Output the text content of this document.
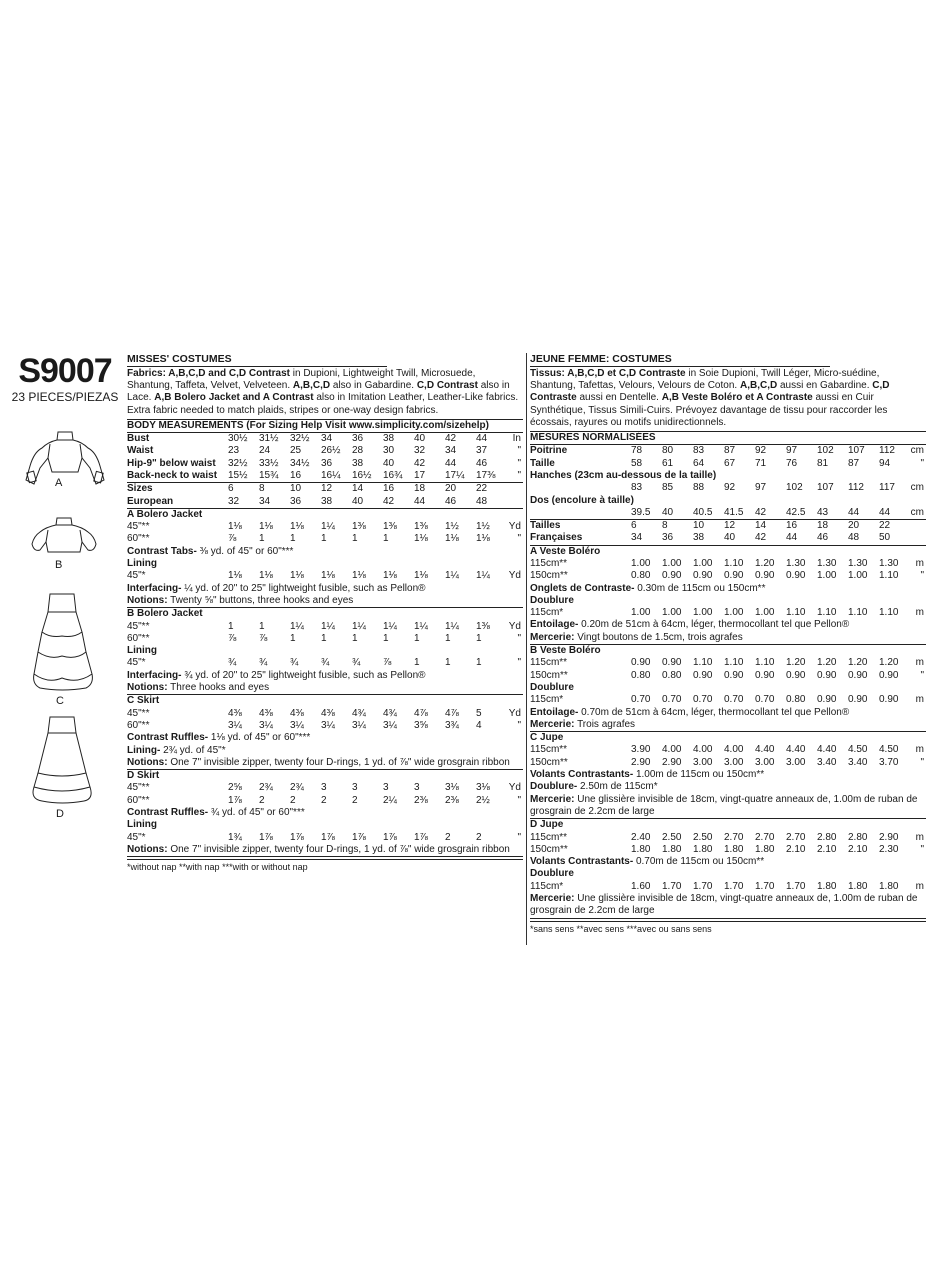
S9007
23 PIECES/PIEZAS
A
B
C
D
MISSES' COSTUMES
Fabrics: A,B,C,D and C,D Contrast in Dupioni, Lightweight Twill, Microsuede, Shantung, Taffeta, Velvet, Velveteen. A,B,C,D also in Gabardine. C,D Contrast also in Lace. A,B Bolero Jacket and A Contrast also in Imitation Leather, Leather-Like fabrics. Extra fabric needed to match plaids, stripes or one-way design fabrics.
BODY MEASUREMENTS (For Sizing Help Visit www.simplicity.com/sizehelp)										
Bust	30½	31½	32½	34	36	38	40	42	44	In
Waist	23	24	25	26½	28	30	32	34	37	"
Hip-9" below waist	32½	33½	34½	36	38	40	42	44	46	"
Back-neck to waist	15½	15¾	16	16¼	16½	16¾	17	17¼	17⅜	"
Sizes	6	8	10	12	14	16	18	20	22	
European	32	34	36	38	40	42	44	46	48	
A Bolero Jacket										
45"**	1⅛	1⅛	1⅛	1¼	1⅜	1⅜	1⅜	1½	1½	Yd
60"**	⅞	1	1	1	1	1	1⅛	1⅛	1⅛	"
Contrast Tabs- ⅜ yd. of 45" or 60"***										
Lining										
45"*	1⅛	1⅛	1⅛	1⅛	1⅛	1⅛	1⅛	1¼	1¼	Yd
Interfacing- ¼ yd. of 20" to 25" lightweight fusible, such as Pellon®										
Notions: Twenty ⅝" buttons, three hooks and eyes										
B Bolero Jacket										
45"**	1	1	1¼	1¼	1¼	1¼	1¼	1¼	1⅜	Yd
60"**	⅞	⅞	1	1	1	1	1	1	1	"
Lining										
45"*	¾	¾	¾	¾	¾	⅞	1	1	1	"
Interfacing- ¾ yd. of 20" to 25" lightweight fusible, such as Pellon®										
Notions: Three hooks and eyes										
C Skirt										
45"**	4⅜	4⅜	4⅜	4⅜	4¾	4¾	4⅞	4⅞	5	Yd
60"**	3¼	3¼	3¼	3¼	3¼	3¼	3⅝	3¾	4	"
Contrast Ruffles- 1⅛ yd. of 45" or 60"***										
Lining- 2¾ yd. of 45"*										
Notions: One 7" invisible zipper, twenty four D-rings, 1 yd. of ⅞" wide grosgrain ribbon										
D Skirt										
45"**	2⅝	2¾	2¾	3	3	3	3	3⅛	3⅛	Yd
60"**	1⅞	2	2	2	2	2¼	2⅜	2⅜	2½	"
Contrast Ruffles- ¾ yd. of 45" or 60"***										
Lining										
45"*	1¾	1⅞	1⅞	1⅞	1⅞	1⅞	1⅞	2	2	"
Notions: One 7" invisible zipper, twenty four D-rings, 1 yd. of ⅞" wide grosgrain ribbon										
*without nap **with nap ***with or without nap
JEUNE FEMME: COSTUMES
Tissus: A,B,C,D et C,D Contraste in Soie Dupioni, Twill Léger, Micro-suédine, Shantung, Tafettas, Velours, Velours de Coton. A,B,C,D aussi en Gabardine. C,D Contraste aussi en Dentelle. A,B Veste Boléro et A Contraste aussi en Cuir Synthétique, Tissus Simili-Cuirs. Prévoyez davantage de tissu pour raccorder les écossais, rayures ou motifs unidirectionnels.
MESURES NORMALISÉES										
Poitrine	78	80	83	87	92	97	102	107	112	cm
Taille	58	61	64	67	71	76	81	87	94	"
Hanches (23cm au-dessous de la taille)										
	83	85	88	92	97	102	107	112	117	cm
Dos (encolure à taille)										
	39.5	40	40.5	41.5	42	42.5	43	44	44	cm
Tailles	6	8	10	12	14	16	18	20	22	
Françaises	34	36	38	40	42	44	46	48	50	
A Veste Boléro										
115cm**	1.00	1.00	1.00	1.10	1.20	1.30	1.30	1.30	1.30	m
150cm**	0.80	0.90	0.90	0.90	0.90	0.90	1.00	1.00	1.10	"
Onglets de Contraste- 0.30m de 115cm ou 150cm**										
Doublure										
115cm*	1.00	1.00	1.00	1.00	1.00	1.10	1.10	1.10	1.10	m
Entoilage- 0.20m de 51cm à 64cm, léger, thermocollant tel que Pellon®										
Mercerie: Vingt boutons de 1.5cm, trois agrafes										
B Veste Boléro										
115cm**	0.90	0.90	1.10	1.10	1.10	1.20	1.20	1.20	1.20	m
150cm**	0.80	0.80	0.90	0.90	0.90	0.90	0.90	0.90	0.90	"
Doublure										
115cm*	0.70	0.70	0.70	0.70	0.70	0.80	0.90	0.90	0.90	m
Entoilage- 0.70m de 51cm à 64cm, léger, thermocollant tel que Pellon®										
Mercerie: Trois agrafes										
C Jupe										
115cm**	3.90	4.00	4.00	4.00	4.40	4.40	4.40	4.50	4.50	m
150cm**	2.90	2.90	3.00	3.00	3.00	3.00	3.40	3.40	3.70	"
Volants Contrastants- 1.00m de 115cm ou 150cm**										
Doublure- 2.50m de 115cm*										
Mercerie: Une glissière invisible de 18cm, vingt-quatre anneaux de, 1.00m de ruban de										
grosgrain de 2.2cm de large										
D Jupe										
115cm**	2.40	2.50	2.50	2.70	2.70	2.70	2.80	2.80	2.90	m
150cm**	1.80	1.80	1.80	1.80	1.80	2.10	2.10	2.10	2.30	"
Volants Contrastants- 0.70m de 115cm ou 150cm**										
Doublure										
115cm*	1.60	1.70	1.70	1.70	1.70	1.70	1.80	1.80	1.80	m
Mercerie: Une glissière invisible de 18cm, vingt-quatre anneaux de, 1.00m de ruban de										
grosgrain de 2.2cm de large										
*sans sens **avec sens ***avec ou sans sens
